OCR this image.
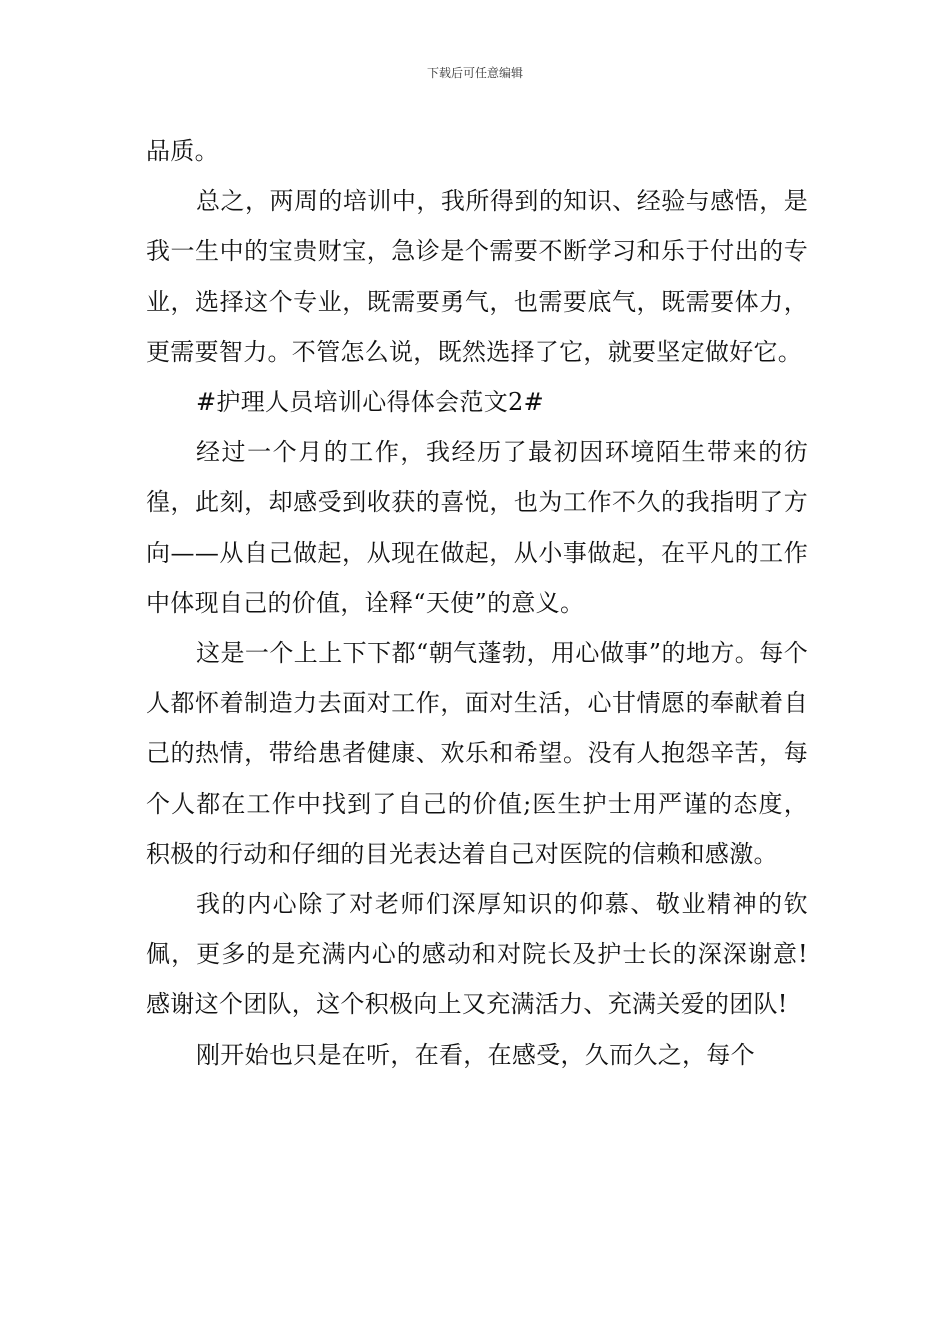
下载后可任意编辑

品质。

总之，两周的培训中，我所得到的知识、经验与感悟，是我一生中的宝贵财宝，急诊是个需要不断学习和乐于付出的专业，选择这个专业，既需要勇气，也需要底气，既需要体力，更需要智力。不管怎么说，既然选择了它，就要坚定做好它。

#护理人员培训心得体会范文2#

经过一个月的工作，我经历了最初因环境陌生带来的彷徨，此刻，却感受到收获的喜悦，也为工作不久的我指明了方向——从自己做起，从现在做起，从小事做起，在平凡的工作中体现自己的价值，诠释“天使”的意义。

这是一个上上下下都“朝气蓬勃，用心做事”的地方。每个人都怀着制造力去面对工作，面对生活，心甘情愿的奉献着自己的热情，带给患者健康、欢乐和希望。没有人抱怨辛苦，每个人都在工作中找到了自己的价值;医生护士用严谨的态度，积极的行动和仔细的目光表达着自己对医院的信赖和感激。

我的内心除了对老师们深厚知识的仰慕、敬业精神的钦佩，更多的是充满内心的感动和对院长及护士长的深深谢意!感谢这个团队，这个积极向上又充满活力、充满关爱的团队!

刚开始也只是在听，在看，在感受，久而久之，每个
